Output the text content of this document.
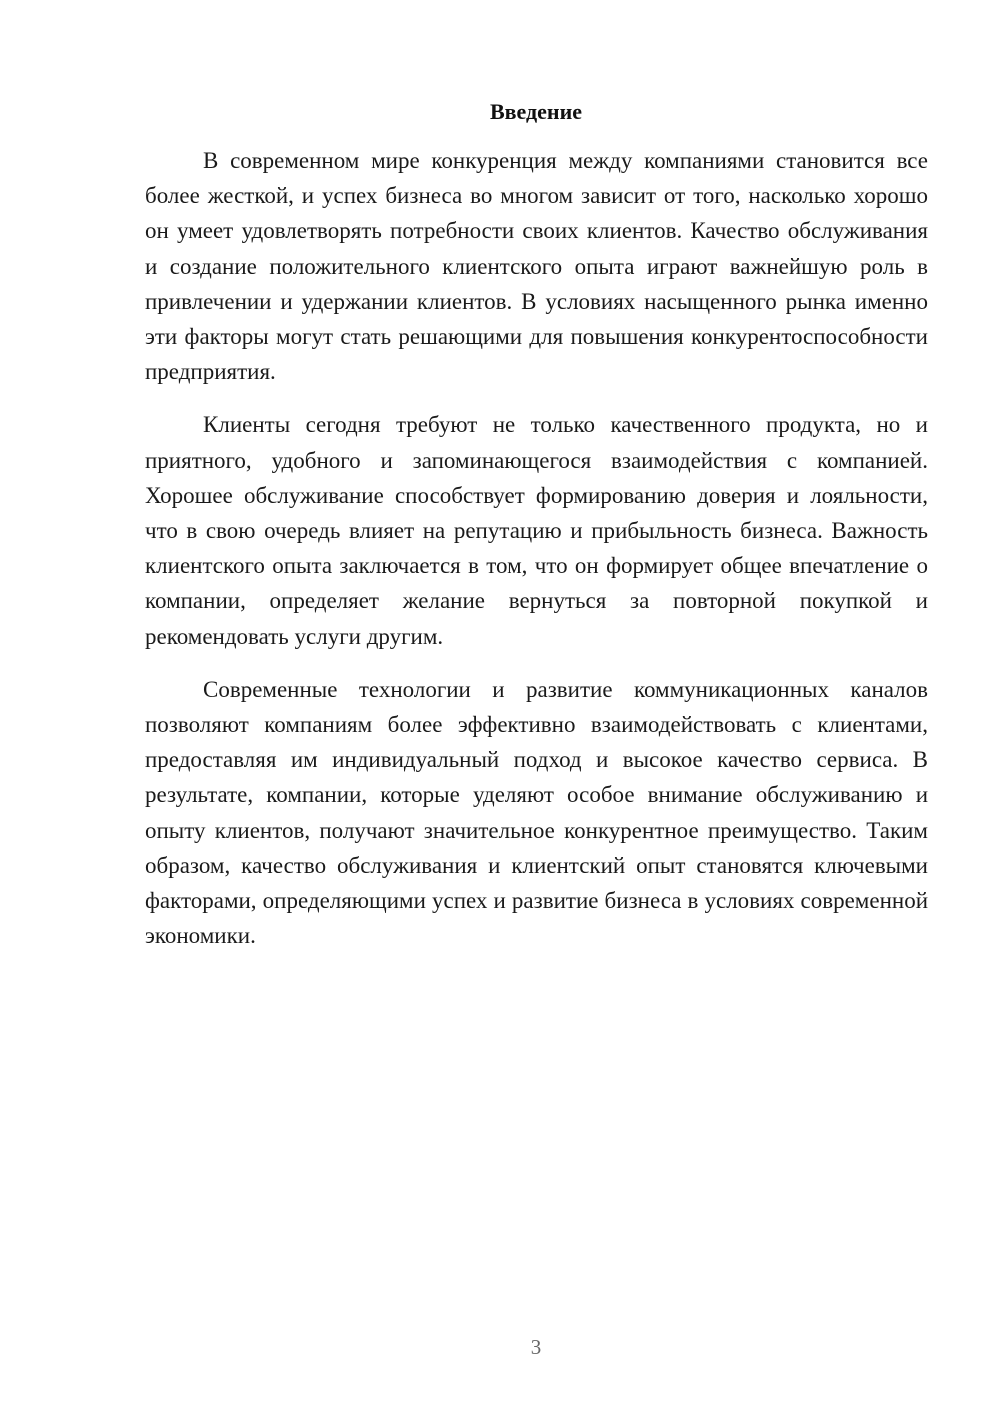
Введение

В современном мире конкуренция между компаниями становится все более жесткой, и успех бизнеса во многом зависит от того, насколько хорошо он умеет удовлетворять потребности своих клиентов. Качество обслуживания и создание положительного клиентского опыта играют важнейшую роль в привлечении и удержании клиентов. В условиях насыщенного рынка именно эти факторы могут стать решающими для повышения конкурентоспособности предприятия.

Клиенты сегодня требуют не только качественного продукта, но и приятного, удобного и запоминающегося взаимодействия с компанией. Хорошее обслуживание способствует формированию доверия и лояльности, что в свою очередь влияет на репутацию и прибыльность бизнеса. Важность клиентского опыта заключается в том, что он формирует общее впечатление о компании, определяет желание вернуться за повторной покупкой и рекомендовать услуги другим.

Современные технологии и развитие коммуникационных каналов позволяют компаниям более эффективно взаимодействовать с клиентами, предоставляя им индивидуальный подход и высокое качество сервиса. В результате, компании, которые уделяют особое внимание обслуживанию и опыту клиентов, получают значительное конкурентное преимущество. Таким образом, качество обслуживания и клиентский опыт становятся ключевыми факторами, определяющими успех и развитие бизнеса в условиях современной экономики.

3
